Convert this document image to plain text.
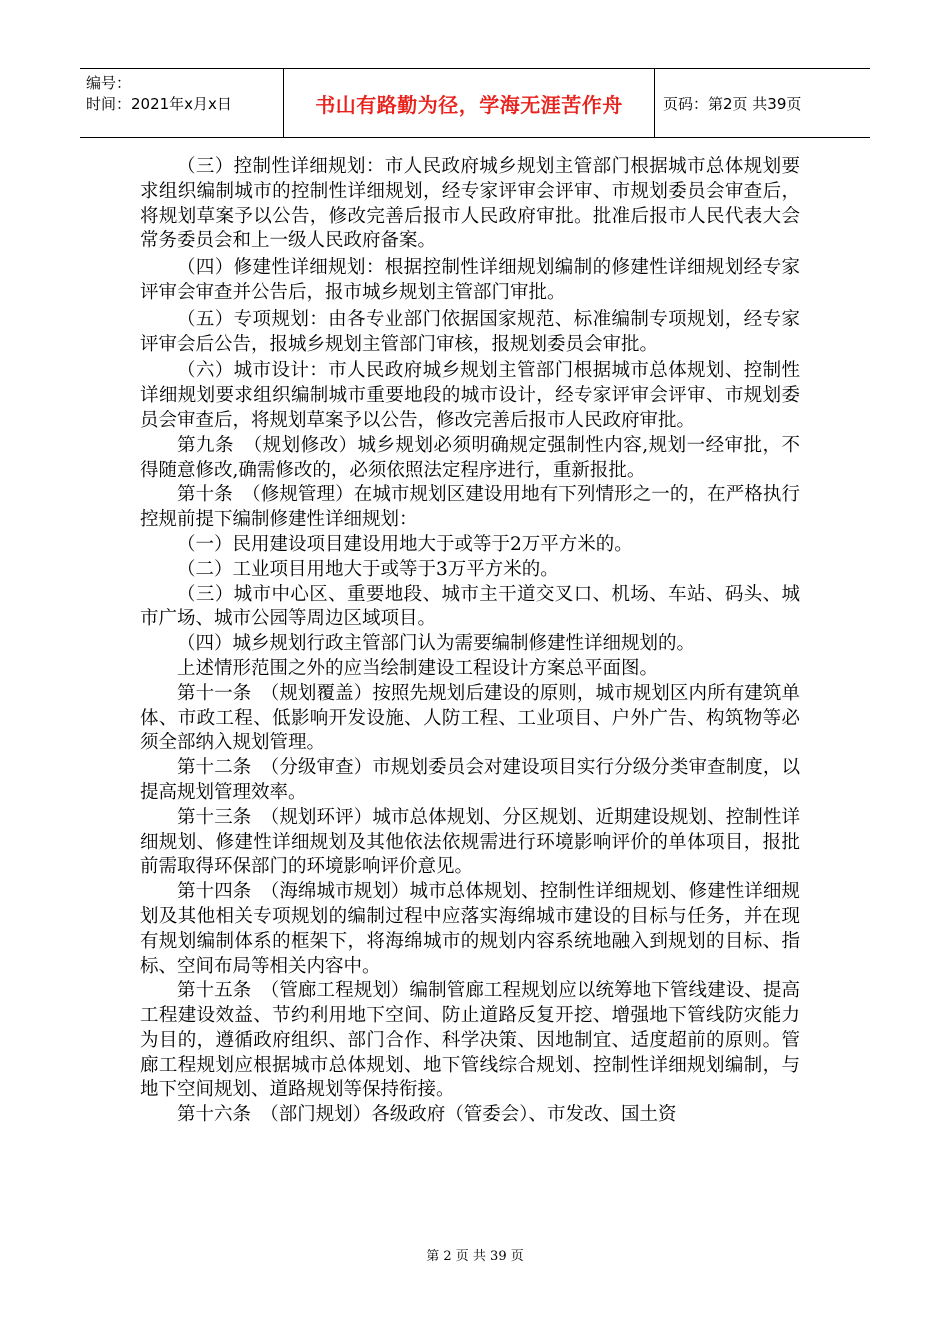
编号：
时间：2021年x月x日	书山有路勤为径，学海无涯苦作舟	页码：第2页 共39页

（三）控制性详细规划：市人民政府城乡规划主管部门根据城市总体规划要求组织编制城市的控制性详细规划，经专家评审会评审、市规划委员会审查后，将规划草案予以公告，修改完善后报市人民政府审批。批准后报市人民代表大会常务委员会和上一级人民政府备案。

（四）修建性详细规划：根据控制性详细规划编制的修建性详细规划经专家评审会审查并公告后，报市城乡规划主管部门审批。

（五）专项规划：由各专业部门依据国家规范、标准编制专项规划，经专家评审会后公告，报城乡规划主管部门审核，报规划委员会审批。

（六）城市设计：市人民政府城乡规划主管部门根据城市总体规划、控制性详细规划要求组织编制城市重要地段的城市设计，经专家评审会评审、市规划委员会审查后，将规划草案予以公告，修改完善后报市人民政府审批。

第九条　（规划修改）城乡规划必须明确规定强制性内容,规划一经审批，不得随意修改,确需修改的，必须依照法定程序进行，重新报批。

第十条　（修规管理）在城市规划区建设用地有下列情形之一的，在严格执行控规前提下编制修建性详细规划：

（一）民用建设项目建设用地大于或等于2万平方米的。

（二）工业项目用地大于或等于3万平方米的。

（三）城市中心区、重要地段、城市主干道交叉口、机场、车站、码头、城市广场、城市公园等周边区域项目。

（四）城乡规划行政主管部门认为需要编制修建性详细规划的。

上述情形范围之外的应当绘制建设工程设计方案总平面图。

第十一条　（规划覆盖）按照先规划后建设的原则，城市规划区内所有建筑单体、市政工程、低影响开发设施、人防工程、工业项目、户外广告、构筑物等必须全部纳入规划管理。

第十二条　（分级审查）市规划委员会对建设项目实行分级分类审查制度，以提高规划管理效率。

第十三条　（规划环评）城市总体规划、分区规划、近期建设规划、控制性详细规划、修建性详细规划及其他依法依规需进行环境影响评价的单体项目，报批前需取得环保部门的环境影响评价意见。

第十四条　（海绵城市规划）城市总体规划、控制性详细规划、修建性详细规划及其他相关专项规划的编制过程中应落实海绵城市建设的目标与任务，并在现有规划编制体系的框架下，将海绵城市的规划内容系统地融入到规划的目标、指标、空间布局等相关内容中。

第十五条　（管廊工程规划）编制管廊工程规划应以统筹地下管线建设、提高工程建设效益、节约利用地下空间、防止道路反复开挖、增强地下管线防灾能力为目的，遵循政府组织、部门合作、科学决策、因地制宜、适度超前的原则。管廊工程规划应根据城市总体规划、地下管线综合规划、控制性详细规划编制，与地下空间规划、道路规划等保持衔接。

第十六条　（部门规划）各级政府（管委会）、市发改、国土资

第 2 页 共 39 页
